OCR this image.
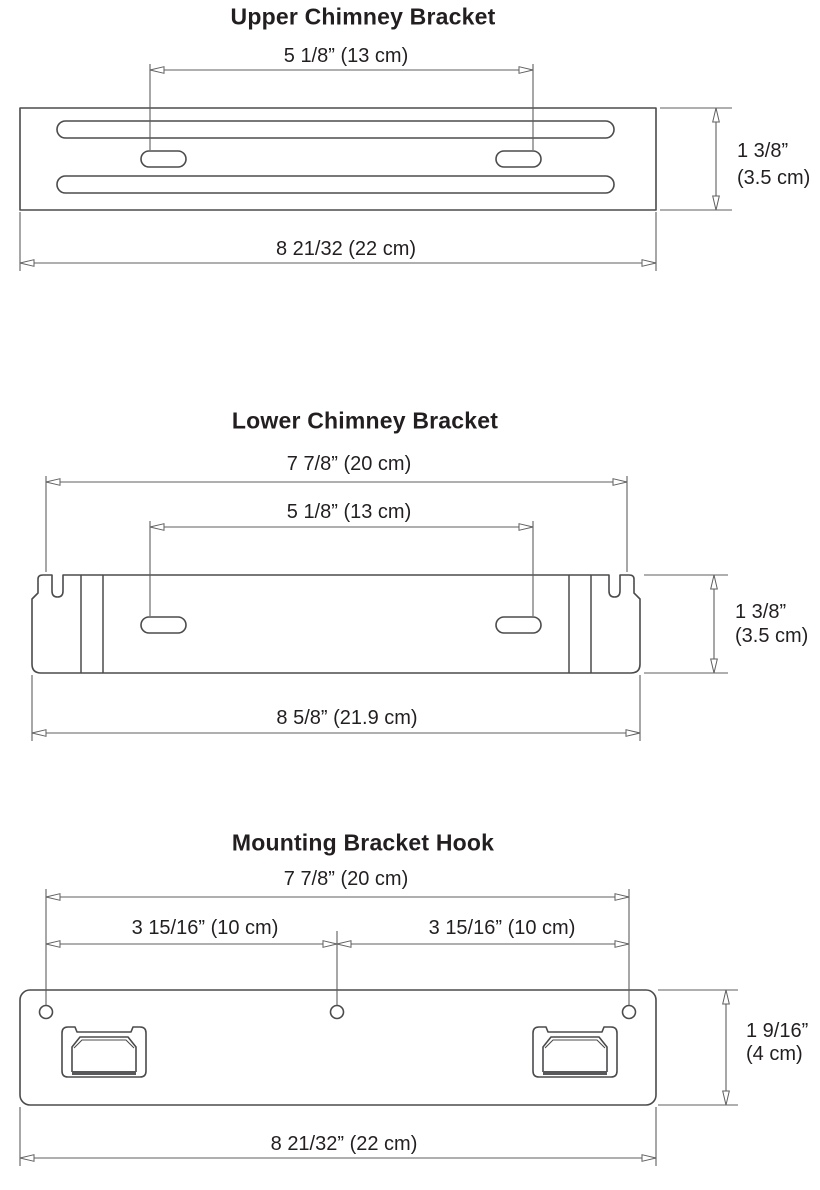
Upper Chimney Bracket
5 1/8” (13 cm)
8 21/32 (22 cm)
1 3/8”
(3.5 cm)
Lower Chimney Bracket
7 7/8” (20 cm)
5 1/8” (13 cm)
8 5/8” (21.9 cm)
1 3/8”
(3.5 cm)
Mounting Bracket Hook
7 7/8” (20 cm)
3 15/16” (10 cm)	3 15/16” (10 cm)
8 21/32” (22 cm)
1 9/16”
(4 cm)
